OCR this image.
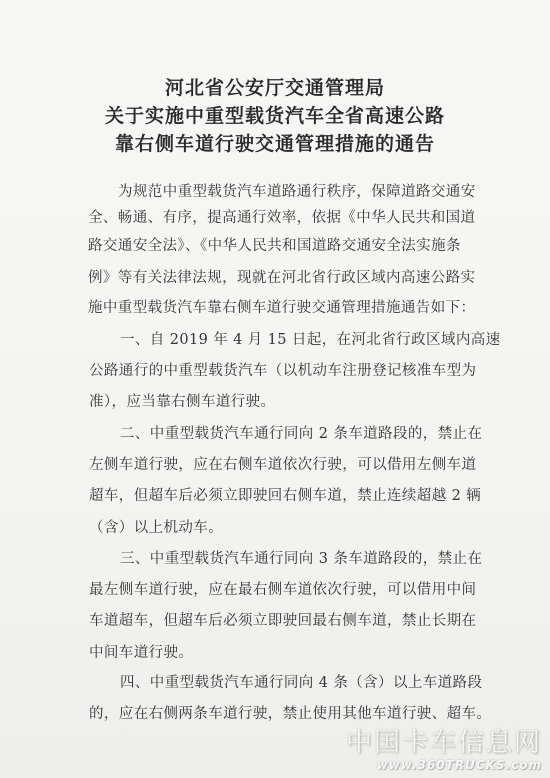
河北省公安厅交通管理局
关于实施中重型载货汽车全省高速公路
靠右侧车道行驶交通管理措施的通告
为规范中重型载货汽车道路通行秩序，保障道路交通安
全、畅通、有序，提高通行效率，依据《中华人民共和国道
路交通安全法》、《中华人民共和国道路交通安全法实施条
例》等有关法律法规，现就在河北省行政区域内高速公路实
施中重型载货汽车靠右侧车道行驶交通管理措施通告如下：
一、自 2019 年 4 月 15 日起，在河北省行政区域内高速
公路通行的中重型载货汽车（以机动车注册登记核准车型为
准），应当靠右侧车道行驶。
二、中重型载货汽车通行同向 2 条车道路段的，禁止在
左侧车道行驶，应在右侧车道依次行驶，可以借用左侧车道
超车，但超车后必须立即驶回右侧车道，禁止连续超越 2 辆
（含）以上机动车。
三、中重型载货汽车通行同向 3 条车道路段的，禁止在
最左侧车道行驶，应在最右侧车道依次行驶，可以借用中间
车道超车，但超车后必须立即驶回最右侧车道，禁止长期在
中间车道行驶。
四、中重型载货汽车通行同向 4 条（含）以上车道路段
的，应在右侧两条车道行驶，禁止使用其他车道行驶、超车。
中国卡车信息网
www.360TRUCKS.com
